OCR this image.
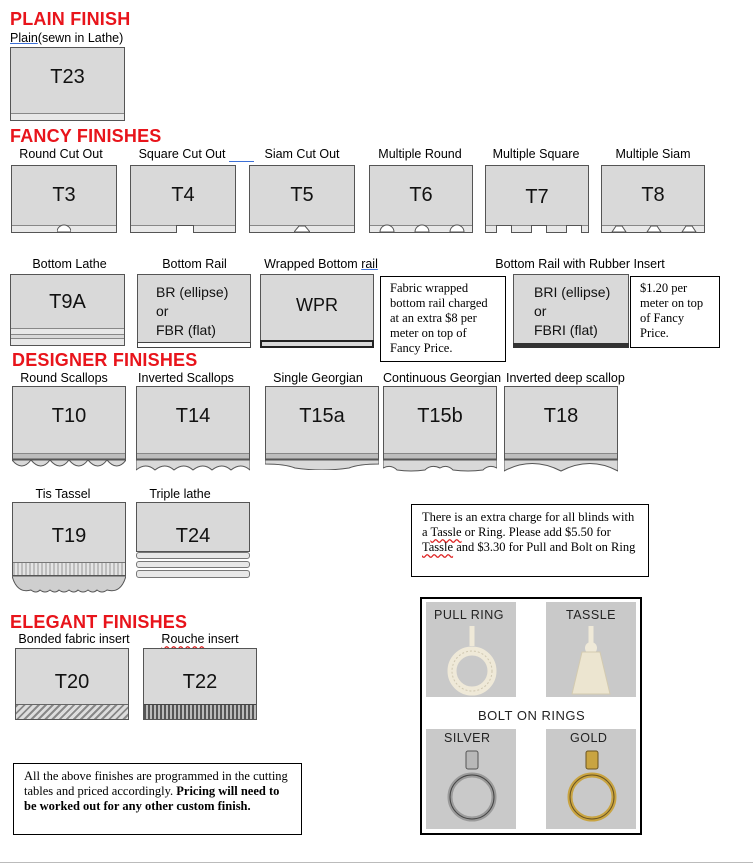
PLAIN FINISH
Plain(sewn in Lathe)
T23
FANCY FINISHES
Round Cut Out	Square Cut Out	Siam Cut Out	Multiple Round	Multiple Square	Multiple Siam
T3	T4	T5	T6	T7	T8
Bottom Lathe	Bottom Rail	Wrapped Bottom rail	Bottom Rail with Rubber Insert
T9A	BR (ellipse)
or
FBR (flat)
WPR
Fabric wrapped bottom rail charged at an extra $8 per meter on top of Fancy Price.
BRI (ellipse)
or
FBRI (flat)
$1.20 per meter on top of Fancy Price.
DESIGNER FINISHES
Round Scallops	Inverted Scallops	Single Georgian	Continuous Georgian Inverted deep scallop
T10	T14	T15a	T15b	T18
Tis Tassel	Triple lathe
T19	T24
There is an extra charge for all blinds with a Tassle or Ring. Please add $5.50 for Tassle and $3.30 for Pull and Bolt on Ring
ELEGANT FINISHES
Bonded fabric insert	Rouche insert
T20	T22
All the above finishes are programmed in the cutting tables and priced accordingly. Pricing will need to be worked out for any other custom finish.
PULL RING	TASSLE
BOLT ON RINGS
SILVER	GOLD
